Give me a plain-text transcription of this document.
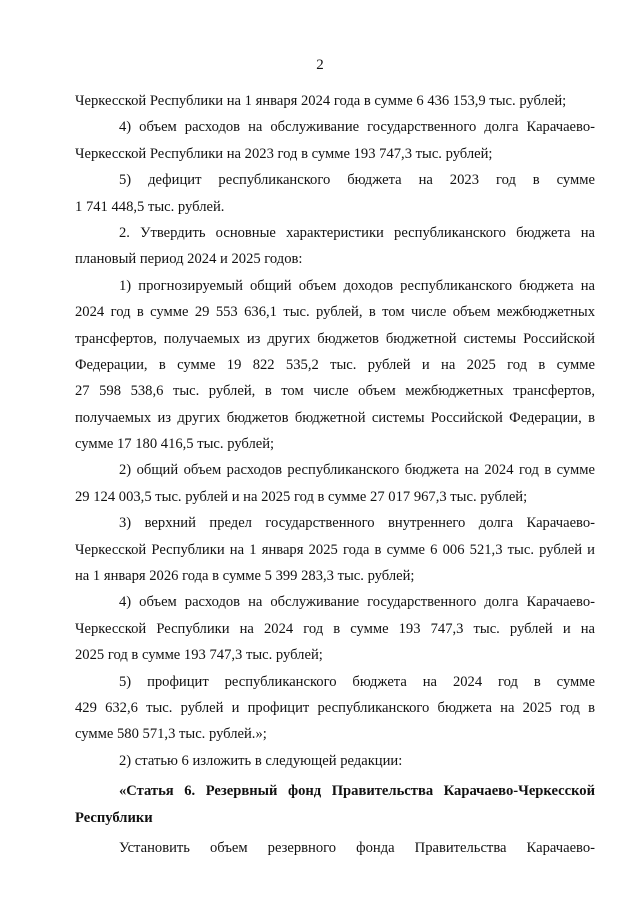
2
Черкесской Республики на 1 января 2024 года в сумме 6 436 153,9 тыс. рублей;
4) объем расходов на обслуживание государственного долга Карачаево-
Черкесской Республики на 2023 год в сумме 193 747,3 тыс. рублей;
5) дефицит республиканского бюджета на 2023 год в сумме
1 741 448,5 тыс. рублей.
2. Утвердить основные характеристики республиканского бюджета на
плановый период 2024 и 2025 годов:
1) прогнозируемый общий объем доходов республиканского бюджета на
2024 год в сумме 29 553 636,1 тыс. рублей, в том числе объем межбюджетных
трансфертов, получаемых из других бюджетов бюджетной системы Российской
Федерации, в сумме 19 822 535,2 тыс. рублей и на 2025 год в сумме
27 598 538,6 тыс. рублей, в том числе объем межбюджетных трансфертов,
получаемых из других бюджетов бюджетной системы Российской Федерации, в
сумме 17 180 416,5 тыс. рублей;
2) общий объем расходов республиканского бюджета на 2024 год в сумме
29 124 003,5 тыс. рублей и на 2025 год в сумме 27 017 967,3 тыс. рублей;
3) верхний предел государственного внутреннего долга Карачаево-
Черкесской Республики на 1 января 2025 года в сумме 6 006 521,3 тыс. рублей и
на 1 января 2026 года в сумме 5 399 283,3 тыс. рублей;
4) объем расходов на обслуживание государственного долга Карачаево-
Черкесской Республики на 2024 год в сумме 193 747,3 тыс. рублей и на
2025 год в сумме 193 747,3 тыс. рублей;
5) профицит республиканского бюджета на 2024 год в сумме
429 632,6 тыс. рублей и профицит республиканского бюджета на 2025 год в
сумме 580 571,3 тыс. рублей.»;
2) статью 6 изложить в следующей редакции:
«Статья 6. Резервный фонд Правительства Карачаево-Черкесской
Республики
Установить объем резервного фонда Правительства Карачаево-
